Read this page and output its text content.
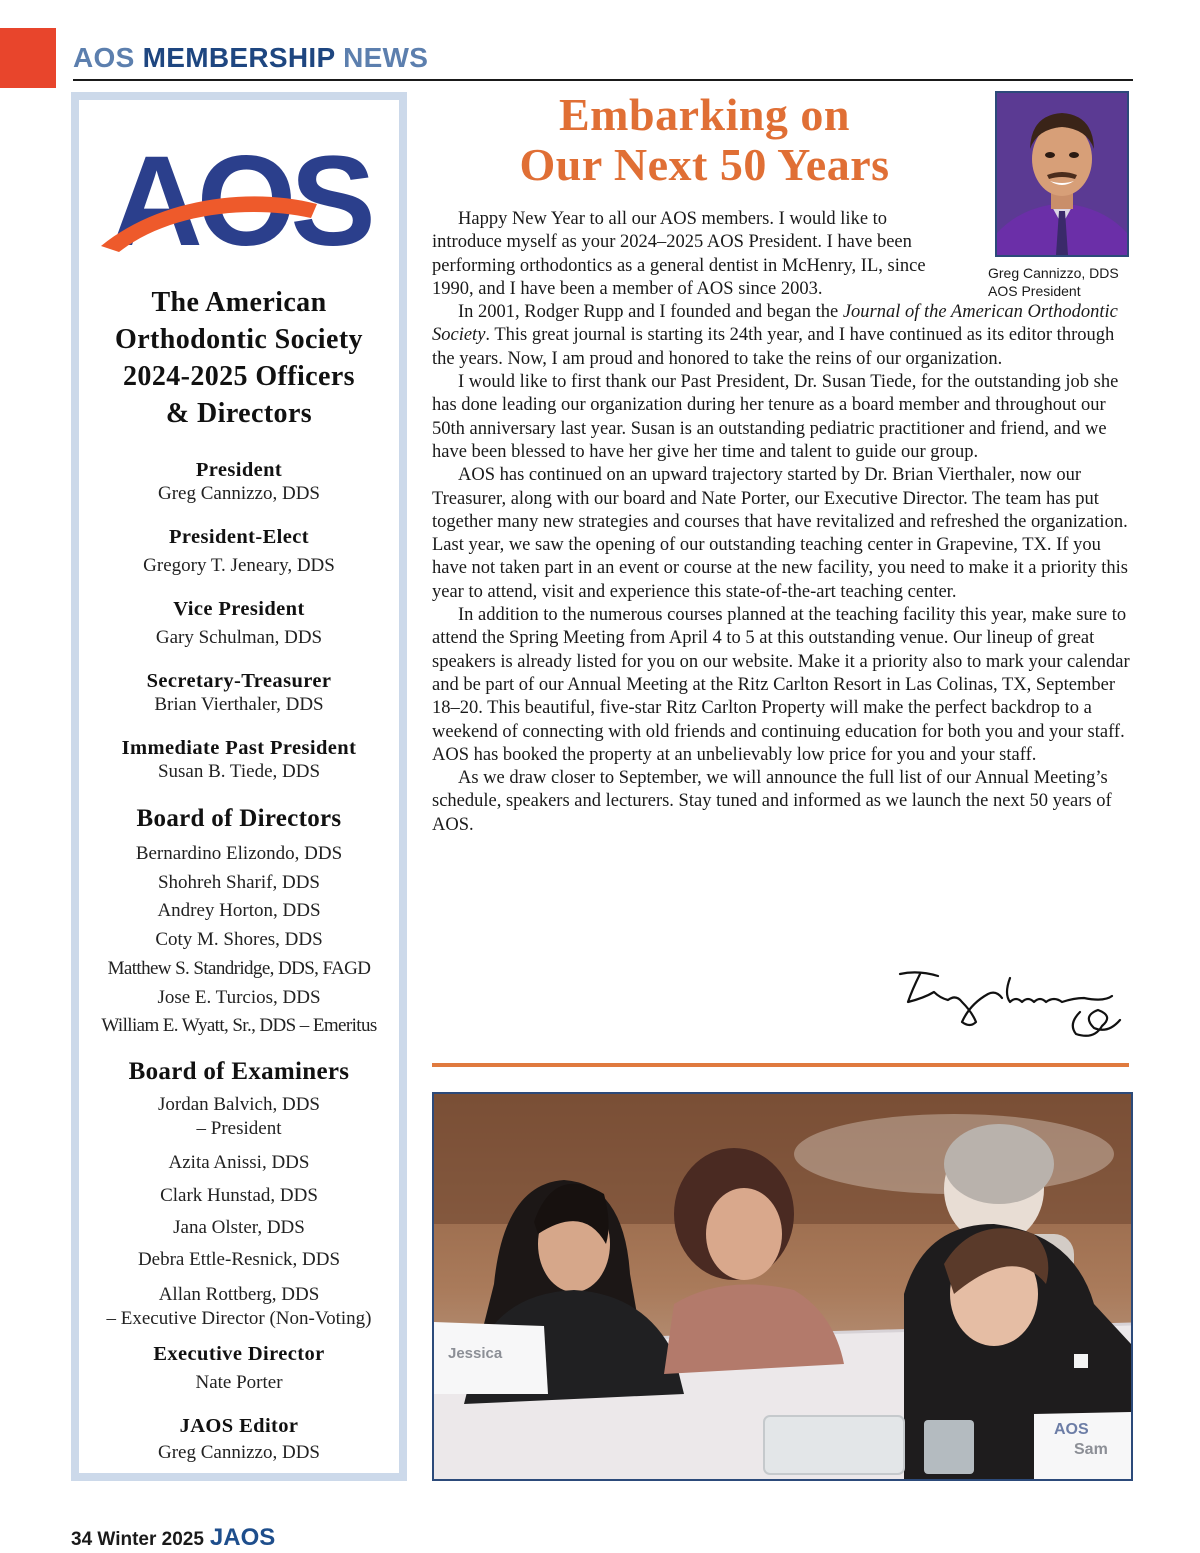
AOS MEMBERSHIP NEWS
AOS
The American
Orthodontic Society
2024-2025 Officers
& Directors
President
Greg Cannizzo, DDS
President-Elect
Gregory T. Jeneary, DDS
Vice President
Gary Schulman, DDS
Secretary-Treasurer
Brian Vierthaler, DDS
Immediate Past President
Susan B. Tiede, DDS
Board of Directors
Bernardino Elizondo, DDS
Shohreh Sharif, DDS
Andrey Horton, DDS
Coty M. Shores, DDS
Matthew S. Standridge, DDS, FAGD
Jose E. Turcios, DDS
William E. Wyatt, Sr., DDS – Emeritus
Board of Examiners
Jordan Balvich, DDS
– President
Azita Anissi, DDS
Clark Hunstad, DDS
Jana Olster, DDS
Debra Ettle-Resnick, DDS
Allan Rottberg, DDS
– Executive Director (Non-Voting)
Executive Director
Nate Porter
JAOS Editor
Greg Cannizzo, DDS
Embarking on
Our Next 50 Years
Greg Cannizzo, DDS
AOS President

Happy New Year to all our AOS members. I would like to introduce myself as your 2024–2025 AOS President. I have been performing orthodontics as a general dentist in McHenry, IL, since 1990, and I have been a member of AOS since 2003.

In 2001, Rodger Rupp and I founded and began the Journal of the American Orthodontic Society. This great journal is starting its 24th year, and I have continued as its editor through the years. Now, I am proud and honored to take the reins of our organization.

I would like to first thank our Past President, Dr. Susan Tiede, for the outstanding job she has done leading our organization during her tenure as a board member and throughout our 50th anniversary last year. Susan is an outstanding pediatric practitioner and friend, and we have been blessed to have her give her time and talent to guide our group.

AOS has continued on an upward trajectory started by Dr. Brian Vierthaler, now our Treasurer, along with our board and Nate Porter, our Executive Director. The team has put together many new strategies and courses that have revitalized and refreshed the organization. Last year, we saw the opening of our outstanding teaching center in Grapevine, TX. If you have not taken part in an event or course at the new facility, you need to make it a priority this year to attend, visit and experience this state-of-the-art teaching center.

In addition to the numerous courses planned at the teaching facility this year, make sure to attend the Spring Meeting from April 4 to 5 at this outstanding venue. Our lineup of great speakers is already listed for you on our website. Make it a priority also to mark your calendar and be part of our Annual Meeting at the Ritz Carlton Resort in Las Colinas, TX, September 18–20. This beautiful, five-star Ritz Carlton Property will make the perfect backdrop to a weekend of connecting with old friends and continuing education for both you and your staff. AOS has booked the property at an unbelievably low price for you and your staff.

As we draw closer to September, we will announce the full list of our Annual Meeting’s schedule, speakers and lecturers. Stay tuned and informed as we launch the next 50 years of AOS.

Jessica
AOS
Sam

34 Winter 2025 JAOS
